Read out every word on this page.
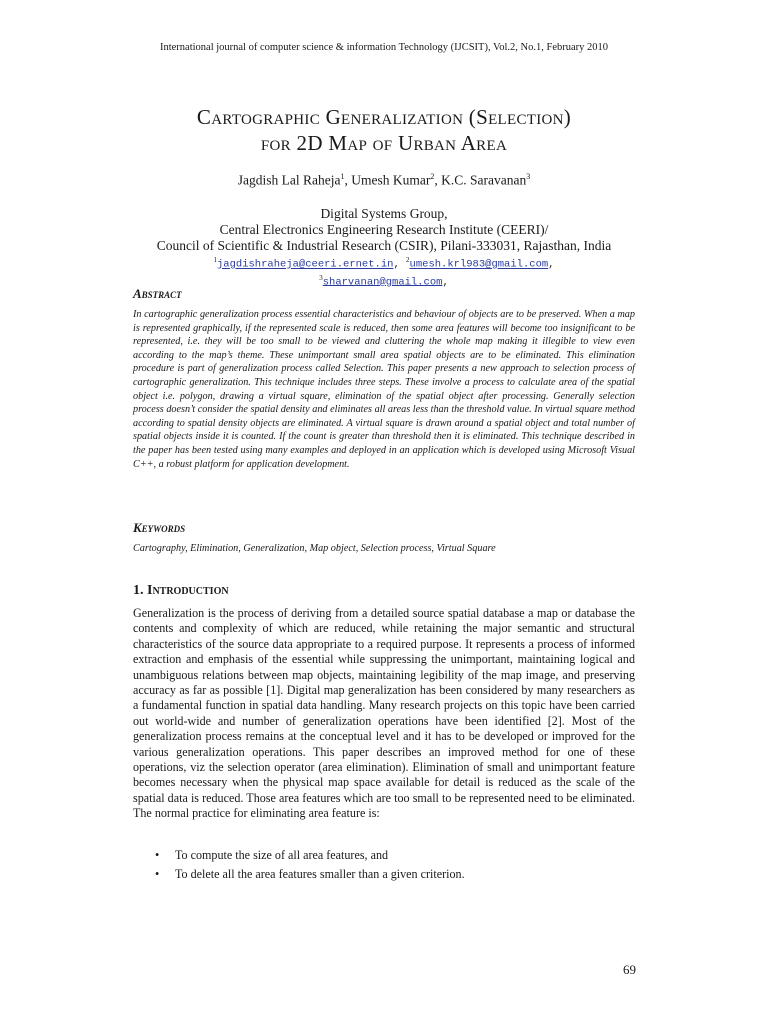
International journal of computer science & information Technology (IJCSIT), Vol.2, No.1, February 2010
Cartographic Generalization (Selection)
for 2D Map of Urban Area
Jagdish Lal Raheja$^1$, Umesh Kumar$^2$, K.C. Saravanan$^3$
Digital Systems Group,
Central Electronics Engineering Research Institute (CEERI)/
Council of Scientific & Industrial Research (CSIR), Pilani-333031, Rajasthan, India
$^1$jagdishraheja@ceeri.ernet.in, $^2$umesh.krl983@gmail.com,
$^3$sharvanan@gmail.com,
Abstract
In cartographic generalization process essential characteristics and behaviour of objects are to be preserved. When a map is represented graphically, if the represented scale is reduced, then some area features will become too insignificant to be represented, i.e. they will be too small to be viewed and cluttering the whole map making it illegible to view even according to the map’s theme. These unimportant small area spatial objects are to be eliminated. This elimination procedure is part of generalization process called Selection. This paper presents a new approach to selection process of cartographic generalization. This technique includes three steps. These involve a process to calculate area of the spatial object i.e. polygon, drawing a virtual square, elimination of the spatial object after processing. Generally selection process doesn’t consider the spatial density and eliminates all areas less than the threshold value. In virtual square method according to spatial density objects are eliminated. A virtual square is drawn around a spatial object and total number of spatial objects inside it is counted. If the count is greater than threshold then it is eliminated. This technique described in the paper has been tested using many examples and deployed in an application which is developed using Microsoft Visual C++, a robust platform for application development.
Keywords
Cartography, Elimination, Generalization, Map object, Selection process, Virtual Square
1. Introduction
Generalization is the process of deriving from a detailed source spatial database a map or database the contents and complexity of which are reduced, while retaining the major semantic and structural characteristics of the source data appropriate to a required purpose. It represents a process of informed extraction and emphasis of the essential while suppressing the unimportant, maintaining logical and unambiguous relations between map objects, maintaining legibility of the map image, and preserving accuracy as far as possible [1]. Digital map generalization has been considered by many researchers as a fundamental function in spatial data handling. Many research projects on this topic have been carried out world-wide and number of generalization operations have been identified [2]. Most of the generalization process remains at the conceptual level and it has to be developed or improved for the various generalization operations. This paper describes an improved method for one of these operations, viz the selection operator (area elimination). Elimination of small and unimportant feature becomes necessary when the physical map space available for detail is reduced as the scale of the spatial data is reduced. Those area features which are too small to be represented need to be eliminated. The normal practice for eliminating area feature is:
• To compute the size of all area features, and
• To delete all the area features smaller than a given criterion.
69
